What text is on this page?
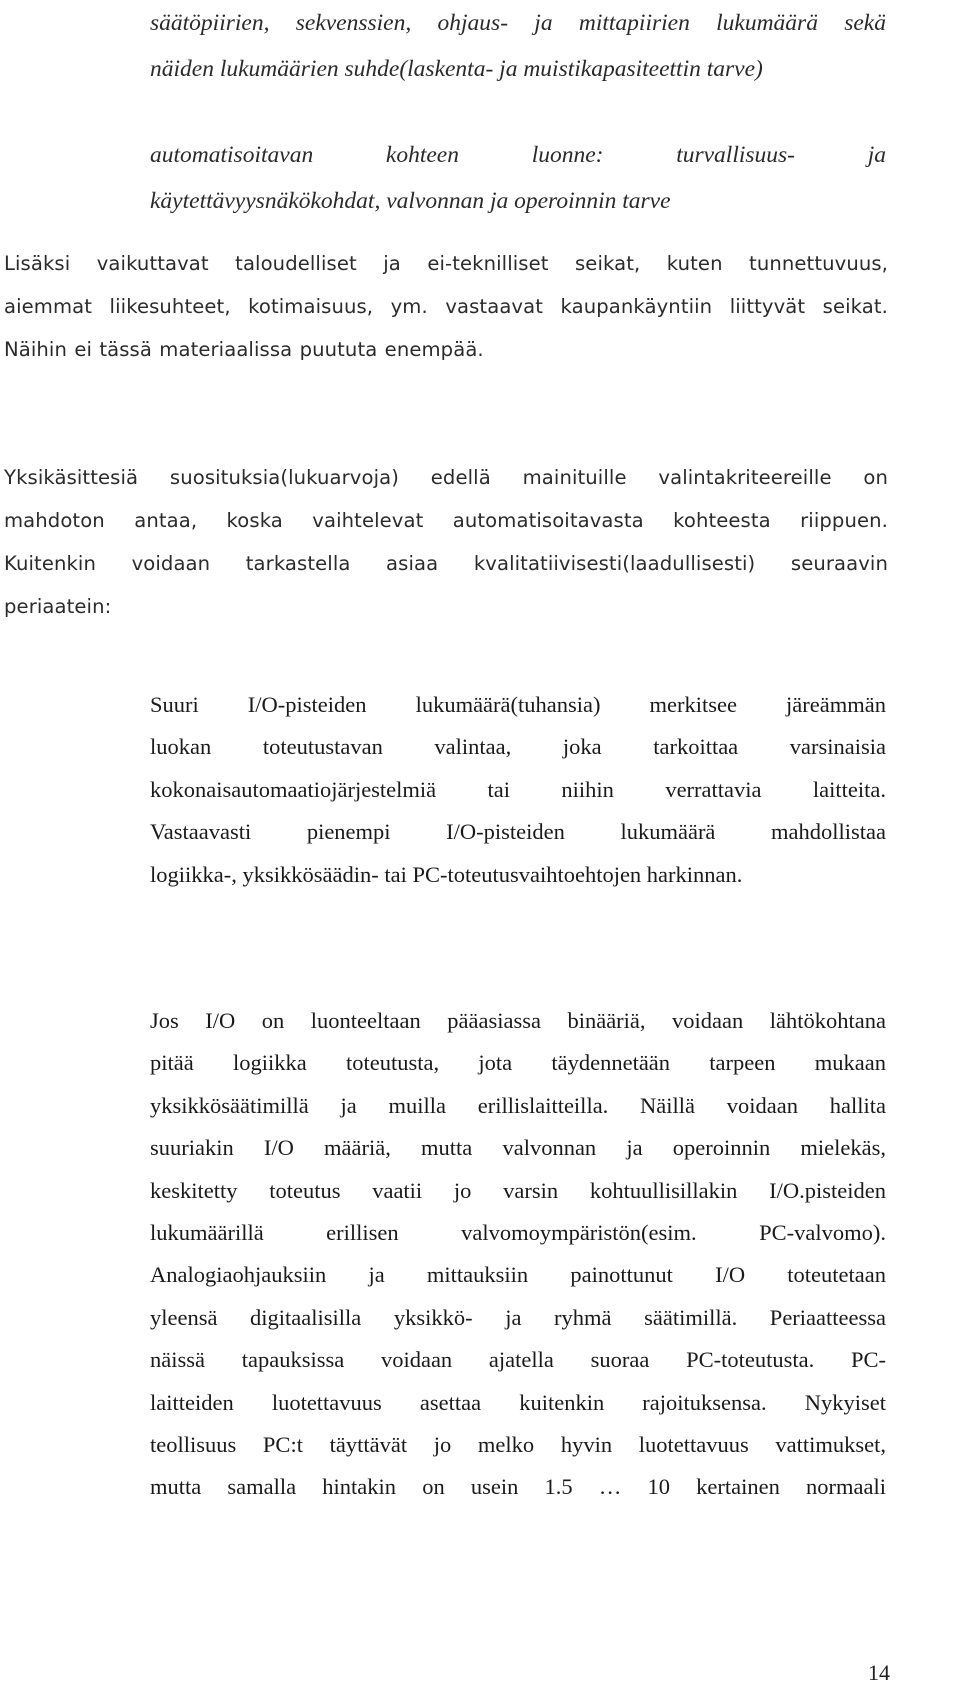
säätöpiirien, sekvenssien, ohjaus- ja mittapiirien lukumäärä sekä
näiden lukumäärien suhde(laskenta- ja muistikapasiteettin tarve)
automatisoitavan kohteen luonne: turvallisuus- ja
käytettävyysnäkökohdat, valvonnan ja operoinnin tarve
Lisäksi vaikuttavat taloudelliset ja ei-teknilliset seikat, kuten tunnettuvuus,
aiemmat liikesuhteet, kotimaisuus, ym. vastaavat kaupankäyntiin liittyvät seikat.
Näihin ei tässä materiaalissa puututa enempää.
Yksikäsittesiä suosituksia(lukuarvoja) edellä mainituille valintakriteereille on
mahdoton antaa, koska vaihtelevat automatisoitavasta kohteesta riippuen.
Kuitenkin voidaan tarkastella asiaa kvalitatiivisesti(laadullisesti) seuraavin
periaatein:
Suuri I/O-pisteiden lukumäärä(tuhansia) merkitsee järeämmän
luokan toteutustavan valintaa, joka tarkoittaa varsinaisia
kokonaisautomaatiojärjestelmiä tai niihin verrattavia laitteita.
Vastaavasti pienempi I/O-pisteiden lukumäärä mahdollistaa
logiikka-, yksikkösäädin- tai PC-toteutusvaihtoehtojen harkinnan.
Jos I/O on luonteeltaan pääasiassa binääriä, voidaan lähtökohtana
pitää logiikka toteutusta, jota täydennetään tarpeen mukaan
yksikkösäätimillä ja muilla erillislaitteilla. Näillä voidaan hallita
suuriakin I/O määriä, mutta valvonnan ja operoinnin mielekäs,
keskitetty toteutus vaatii jo varsin kohtuullisillakin I/O.pisteiden
lukumäärillä erillisen valvomoympäristön(esim. PC-valvomo).
Analogiaohjauksiin ja mittauksiin painottunut I/O toteutetaan
yleensä digitaalisilla yksikkö- ja ryhmä säätimillä. Periaatteessa
näissä tapauksissa voidaan ajatella suoraa PC-toteutusta. PC-
laitteiden luotettavuus asettaa kuitenkin rajoituksensa. Nykyiset
teollisuus PC:t täyttävät jo melko hyvin luotettavuus vattimukset,
mutta samalla hintakin on usein 1.5 … 10 kertainen normaali
14
